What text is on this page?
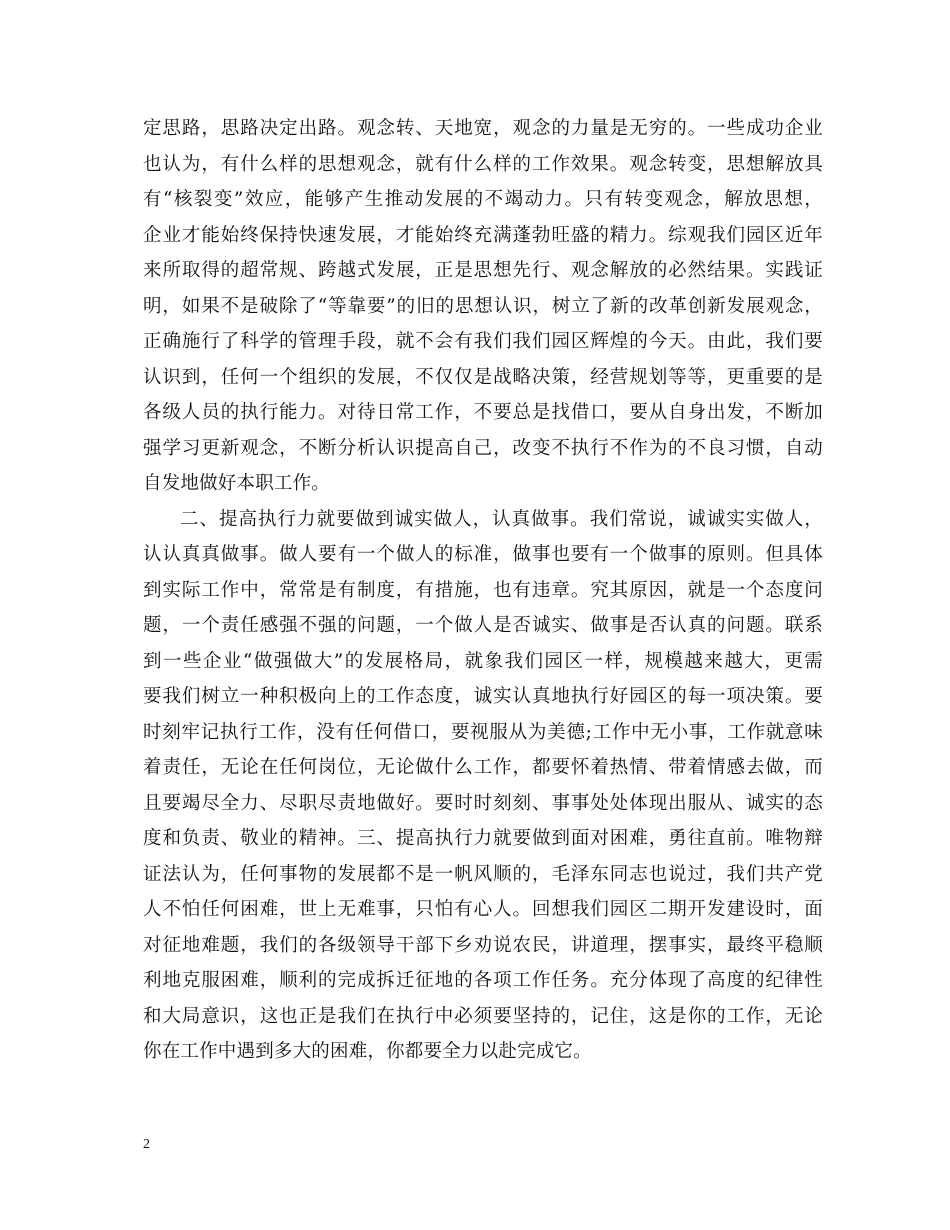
定思路，思路决定出路。观念转、天地宽，观念的力量是无穷的。一些成功企业
也认为，有什么样的思想观念，就有什么样的工作效果。观念转变，思想解放具
有“核裂变”效应，能够产生推动发展的不竭动力。只有转变观念，解放思想，
企业才能始终保持快速发展，才能始终充满蓬勃旺盛的精力。综观我们园区近年
来所取得的超常规、跨越式发展，正是思想先行、观念解放的必然结果。实践证
明，如果不是破除了“等靠要”的旧的思想认识，树立了新的改革创新发展观念，
正确施行了科学的管理手段，就不会有我们我们园区辉煌的今天。由此，我们要
认识到，任何一个组织的发展，不仅仅是战略决策，经营规划等等，更重要的是
各级人员的执行能力。对待日常工作，不要总是找借口，要从自身出发，不断加
强学习更新观念，不断分析认识提高自己，改变不执行不作为的不良习惯，自动
自发地做好本职工作。
二、提高执行力就要做到诚实做人，认真做事。我们常说，诚诚实实做人，
认认真真做事。做人要有一个做人的标准，做事也要有一个做事的原则。但具体
到实际工作中，常常是有制度，有措施，也有违章。究其原因，就是一个态度问
题，一个责任感强不强的问题，一个做人是否诚实、做事是否认真的问题。联系
到一些企业“做强做大”的发展格局，就象我们园区一样，规模越来越大，更需
要我们树立一种积极向上的工作态度，诚实认真地执行好园区的每一项决策。要
时刻牢记执行工作，没有任何借口，要视服从为美德;工作中无小事，工作就意味
着责任，无论在任何岗位，无论做什么工作，都要怀着热情、带着情感去做，而
且要竭尽全力、尽职尽责地做好。要时时刻刻、事事处处体现出服从、诚实的态
度和负责、敬业的精神。三、提高执行力就要做到面对困难，勇往直前。唯物辩
证法认为，任何事物的发展都不是一帆风顺的，毛泽东同志也说过，我们共产党
人不怕任何困难，世上无难事，只怕有心人。回想我们园区二期开发建设时，面
对征地难题，我们的各级领导干部下乡劝说农民，讲道理，摆事实，最终平稳顺
利地克服困难，顺利的完成拆迁征地的各项工作任务。充分体现了高度的纪律性
和大局意识，这也正是我们在执行中必须要坚持的，记住，这是你的工作，无论
你在工作中遇到多大的困难，你都要全力以赴完成它。
2
